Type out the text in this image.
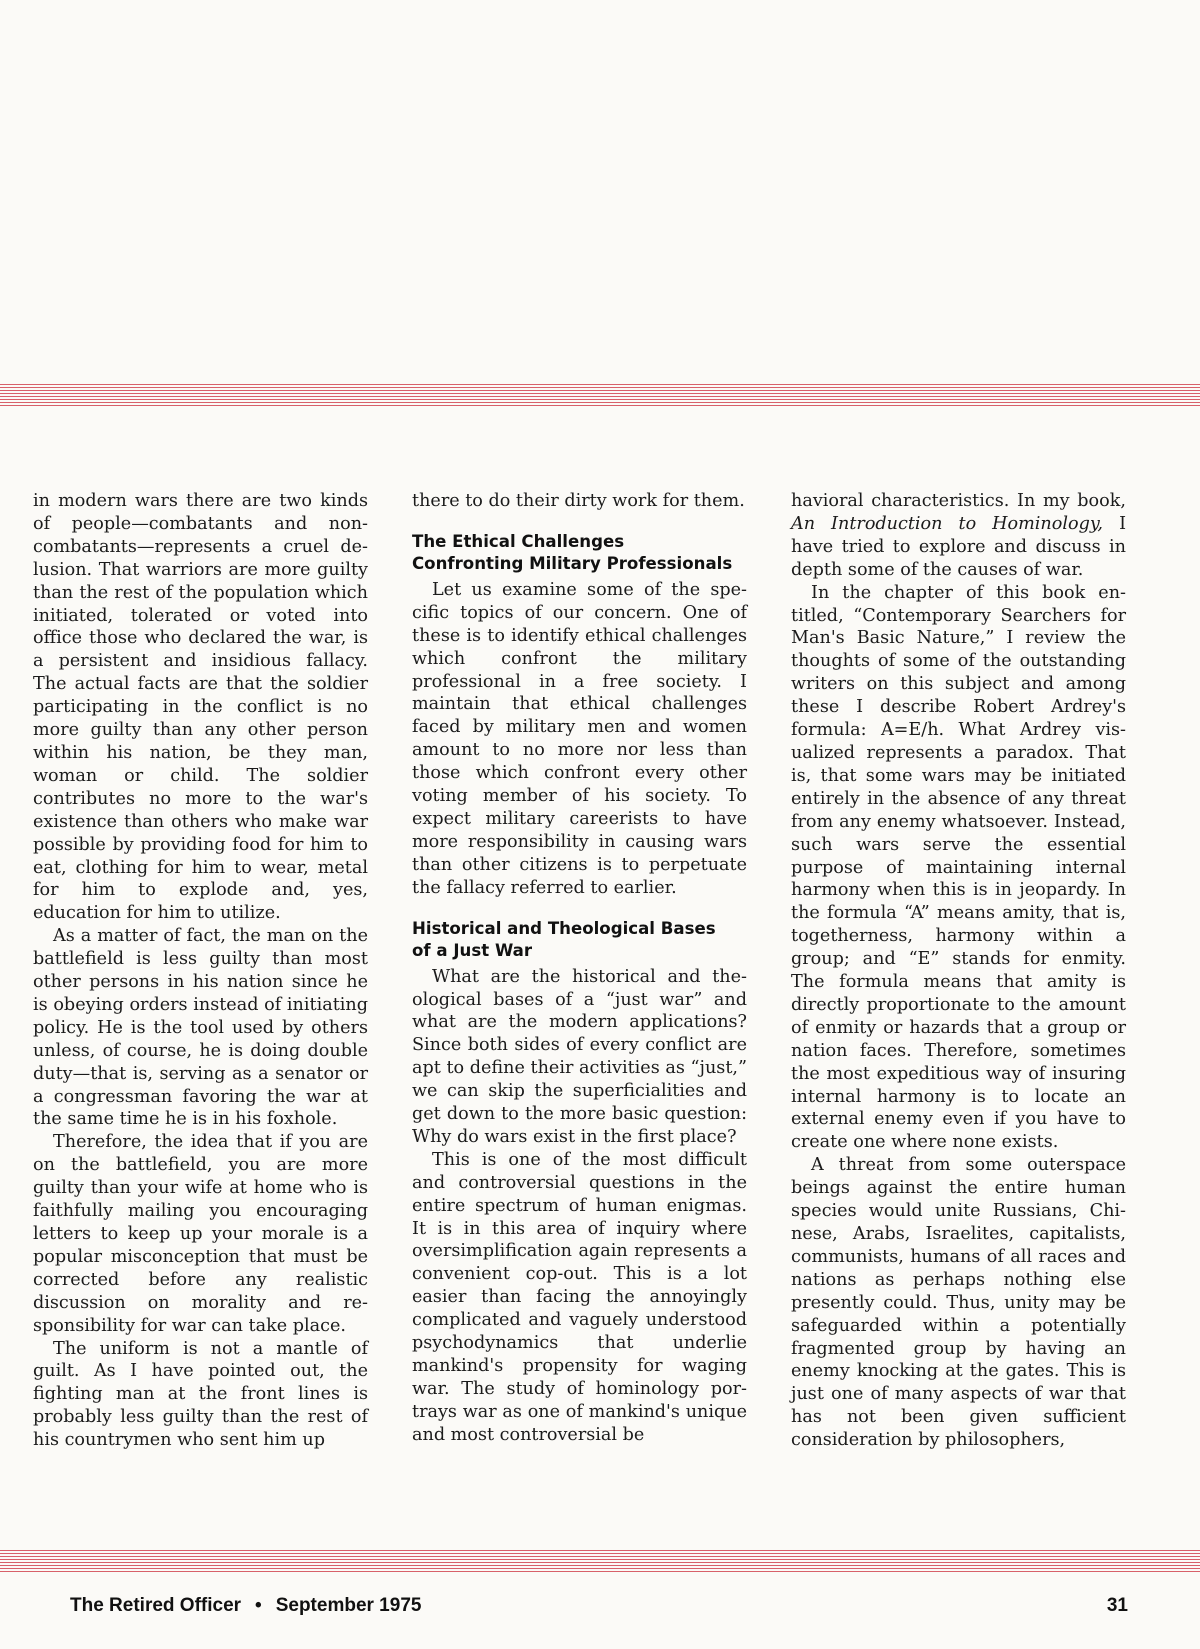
in modern wars there are two kinds of people—combatants and noncombatants—represents a cruel delusion. That warriors are more guilty than the rest of the population which initiated, tolerated or voted into office those who declared the war, is a persistent and insidious fallacy. The actual facts are that the soldier participating in the conflict is no more guilty than any other person within his nation, be they man, woman or child. The soldier contributes no more to the war's existence than others who make war possible by providing food for him to eat, clothing for him to wear, metal for him to explode and, yes, education for him to utilize.

As a matter of fact, the man on the battlefield is less guilty than most other persons in his nation since he is obeying orders instead of initiating policy. He is the tool used by others unless, of course, he is doing double duty—that is, serving as a senator or a congressman favoring the war at the same time he is in his foxhole.

Therefore, the idea that if you are on the battlefield, you are more guilty than your wife at home who is faithfully mailing you encouraging letters to keep up your morale is a popular misconception that must be corrected before any realistic discussion on morality and responsibility for war can take place.

The uniform is not a mantle of guilt. As I have pointed out, the fighting man at the front lines is probably less guilty than the rest of his countrymen who sent him up

there to do their dirty work for them.

The Ethical Challenges
Confronting Military Professionals

Let us examine some of the specific topics of our concern. One of these is to identify ethical challenges which confront the military professional in a free society. I maintain that ethical challenges faced by military men and women amount to no more nor less than those which confront every other voting member of his society. To expect military careerists to have more responsibility in causing wars than other citizens is to perpetuate the fallacy referred to earlier.

Historical and Theological Bases
of a Just War

What are the historical and theological bases of a “just war” and what are the modern applications? Since both sides of every conflict are apt to define their activities as “just,” we can skip the superficialities and get down to the more basic question: Why do wars exist in the first place?

This is one of the most difficult and controversial questions in the entire spectrum of human enigmas. It is in this area of inquiry where oversimplification again represents a convenient cop-out. This is a lot easier than facing the annoyingly complicated and vaguely understood psychodynamics that underlie mankind's propensity for waging war. The study of hominology portrays war as one of mankind's unique and most controversial be

havioral characteristics. In my book, An Introduction to Hominology, I have tried to explore and discuss in depth some of the causes of war.

In the chapter of this book entitled, “Contemporary Searchers for Man's Basic Nature,” I review the thoughts of some of the outstanding writers on this subject and among these I describe Robert Ardrey's formula: A=E/h. What Ardrey visualized represents a paradox. That is, that some wars may be initiated entirely in the absence of any threat from any enemy whatsoever. Instead, such wars serve the essential purpose of maintaining internal harmony when this is in jeopardy. In the formula “A” means amity, that is, togetherness, harmony within a group; and “E” stands for enmity. The formula means that amity is directly proportionate to the amount of enmity or hazards that a group or nation faces. Therefore, sometimes the most expeditious way of insuring internal harmony is to locate an external enemy even if you have to create one where none exists.

A threat from some outerspace beings against the entire human species would unite Russians, Chinese, Arabs, Israelites, capitalists, communists, humans of all races and nations as perhaps nothing else presently could. Thus, unity may be safeguarded within a potentially fragmented group by having an enemy knocking at the gates. This is just one of many aspects of war that has not been given sufficient consideration by philosophers,

The Retired Officer • September 1975	31
